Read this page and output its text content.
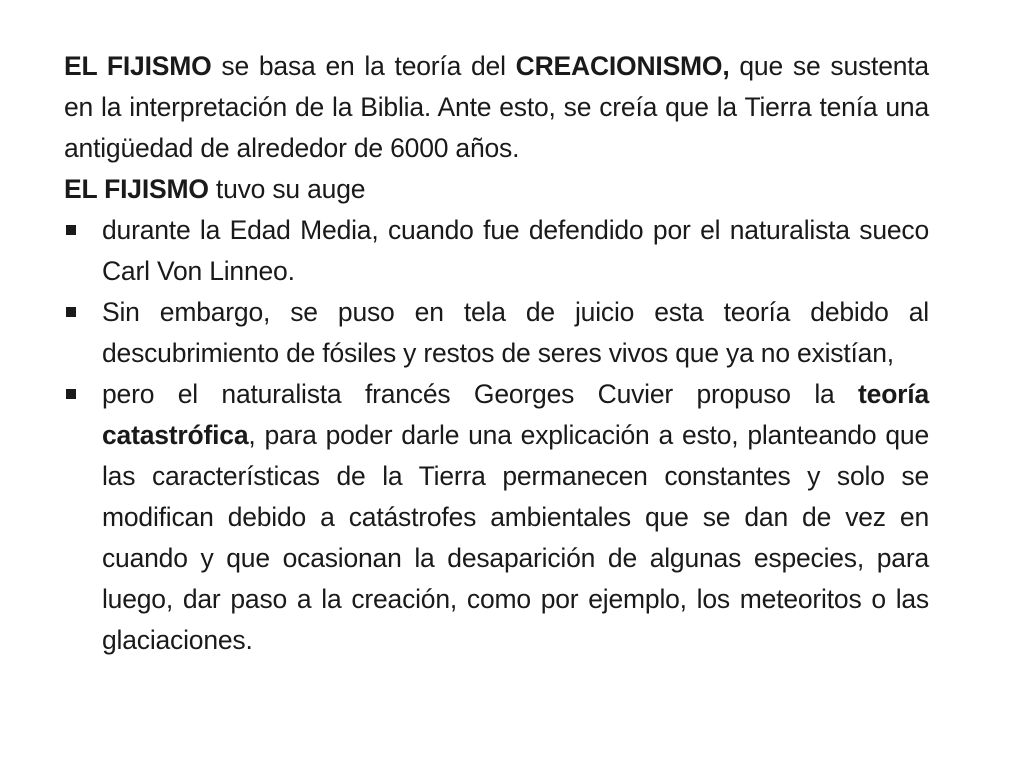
EL FIJISMO se basa en la teoría del CREACIONISMO, que se sustenta en la interpretación de la Biblia. Ante esto, se creía que la Tierra tenía una antigüedad de alrededor de 6000 años.

EL FIJISMO tuvo su auge

durante la Edad Media, cuando fue defendido por el naturalista sueco Carl Von Linneo.
Sin embargo, se puso en tela de juicio esta teoría debido al descubrimiento de fósiles y restos de seres vivos que ya no existían,
pero el naturalista francés Georges Cuvier propuso la teoría catastrófica, para poder darle una explicación a esto, planteando que las características de la Tierra permanecen constantes y solo se modifican debido a catástrofes ambientales que se dan de vez en cuando y que ocasionan la desaparición de algunas especies, para luego, dar paso a la creación, como por ejemplo, los meteoritos o las glaciaciones.
